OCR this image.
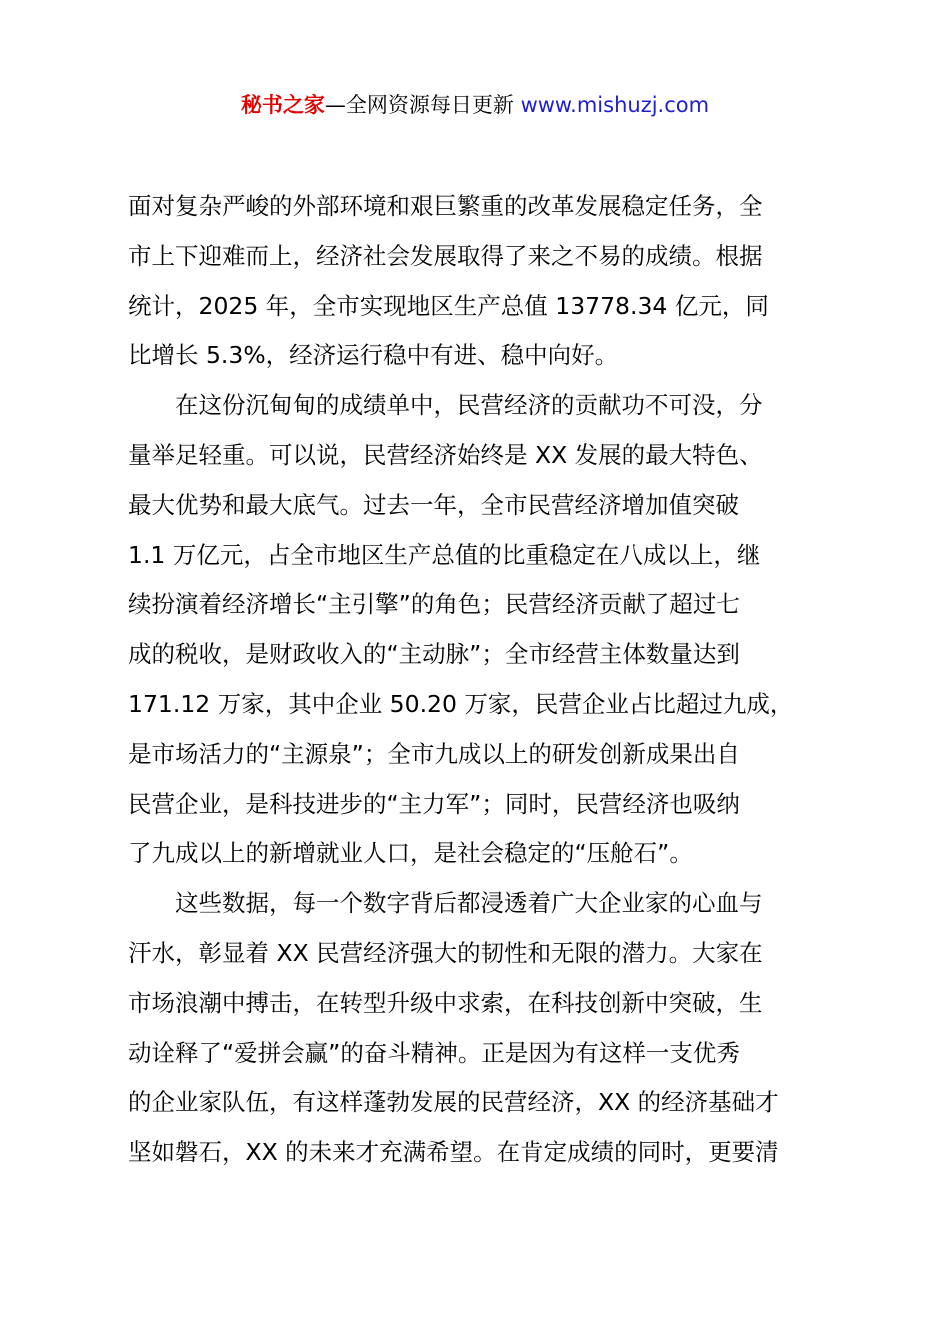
秘书之家—全网资源每日更新 www.mishuzj.com

面对复杂严峻的外部环境和艰巨繁重的改革发展稳定任务，全
市上下迎难而上，经济社会发展取得了来之不易的成绩。根据
统计，2025 年，全市实现地区生产总值 13778.34 亿元，同
比增长 5.3%，经济运行稳中有进、稳中向好。

　　在这份沉甸甸的成绩单中，民营经济的贡献功不可没，分
量举足轻重。可以说，民营经济始终是 XX 发展的最大特色、
最大优势和最大底气。过去一年，全市民营经济增加值突破
1.1 万亿元，占全市地区生产总值的比重稳定在八成以上，继
续扮演着经济增长“主引擎”的角色；民营经济贡献了超过七
成的税收，是财政收入的“主动脉”；全市经营主体数量达到
171.12 万家，其中企业 50.20 万家，民营企业占比超过九成，
是市场活力的“主源泉”；全市九成以上的研发创新成果出自
民营企业，是科技进步的“主力军”；同时，民营经济也吸纳
了九成以上的新增就业人口，是社会稳定的“压舱石”。

　　这些数据，每一个数字背后都浸透着广大企业家的心血与
汗水，彰显着 XX 民营经济强大的韧性和无限的潜力。大家在
市场浪潮中搏击，在转型升级中求索，在科技创新中突破，生
动诠释了“爱拼会赢”的奋斗精神。正是因为有这样一支优秀
的企业家队伍，有这样蓬勃发展的民营经济，XX 的经济基础才
坚如磐石，XX 的未来才充满希望。在肯定成绩的同时，更要清
